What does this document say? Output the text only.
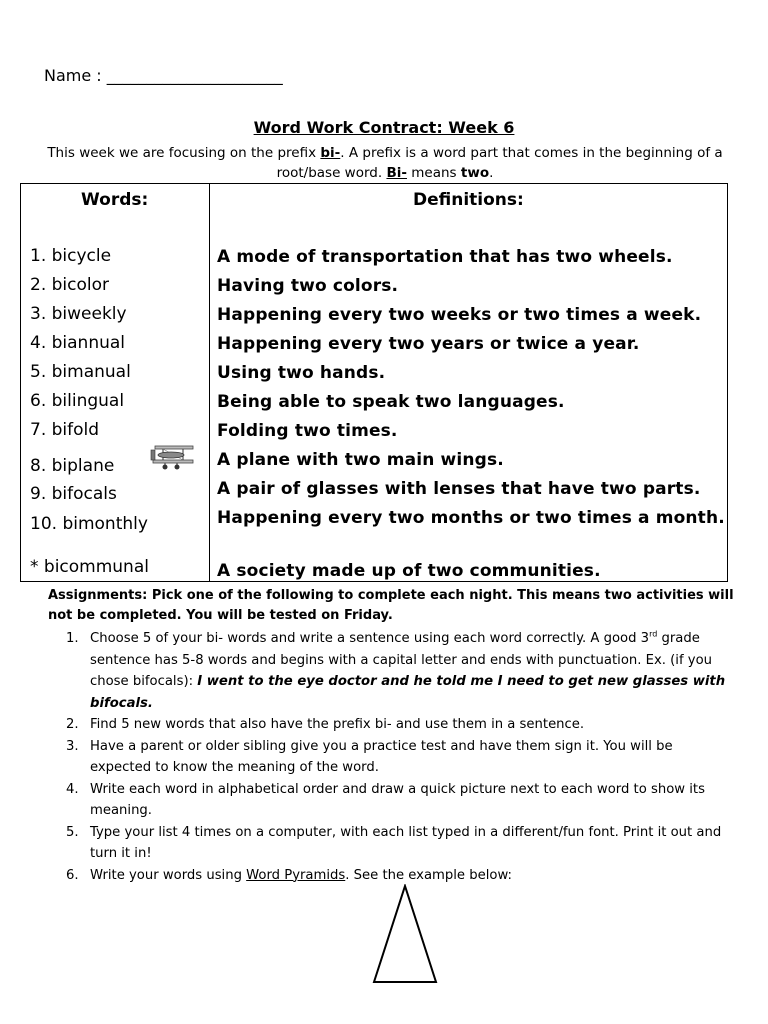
Name : ______________________
Word Work Contract: Week 6
This week we are focusing on the prefix bi-. A prefix is a word part that comes in the beginning of a root/base word. Bi- means two.
Words:	Definitions:
1. bicycle	A mode of transportation that has two wheels.
2. bicolor	Having two colors.
3. biweekly	Happening every two weeks or two times a week.
4. biannual	Happening every two years or twice a year.
5. bimanual	Using two hands.
6. bilingual	Being able to speak two languages.
7. bifold	Folding two times.
8. biplane	A plane with two main wings.
9. bifocals	A pair of glasses with lenses that have two parts.
10. bimonthly	Happening every two months or two times a month.
* bicommunal	A society made up of two communities.
Assignments: Pick one of the following to complete each night. This means two activities will not be completed. You will be tested on Friday.
1. Choose 5 of your bi- words and write a sentence using each word correctly. A good 3rd grade sentence has 5-8 words and begins with a capital letter and ends with punctuation. Ex. (if you chose bifocals): I went to the eye doctor and he told me I need to get new glasses with bifocals.
2. Find 5 new words that also have the prefix bi- and use them in a sentence.
3. Have a parent or older sibling give you a practice test and have them sign it. You will be expected to know the meaning of the word.
4. Write each word in alphabetical order and draw a quick picture next to each word to show its meaning.
5. Type your list 4 times on a computer, with each list typed in a different/fun font. Print it out and turn it in!
6. Write your words using Word Pyramids. See the example below:
